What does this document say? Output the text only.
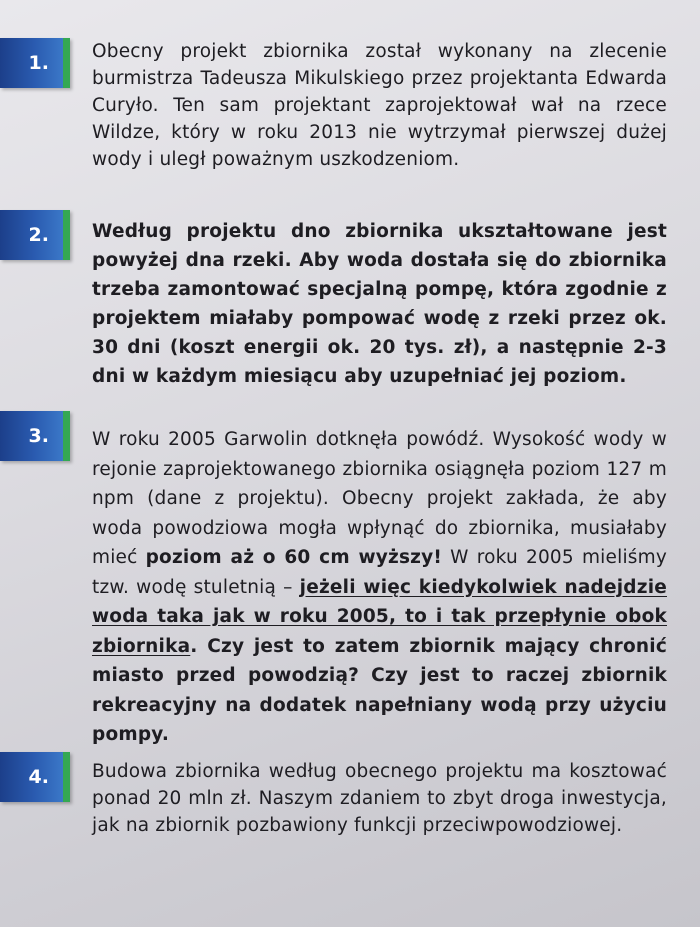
1.

Obecny projekt zbiornika został wykonany na zlecenie burmistrza Tadeusza Mikulskiego przez projektanta Edwarda Curyło. Ten sam projektant zaprojektował wał na rzece Wildze, który w roku 2013 nie wytrzymał pierwszej dużej wody i uległ poważnym uszkodzeniom.

2. Według projektu dno zbiornika ukształtowane jest powyżej dna rzeki. Aby woda dostała się do zbiornika trzeba zamontować specjalną pompę, która zgodnie z projektem miałaby pompować wodę z rzeki przez ok. 30 dni (koszt energii ok. 20 tys. zł), a następnie 2-3 dni w każdym miesiącu aby uzupełniać jej poziom.

3. W roku 2005 Garwolin dotknęła powódź. Wysokość wody w rejonie zaprojektowanego zbiornika osiągnęła poziom 127 m npm (dane z projektu). Obecny projekt zakłada, że aby woda powodziowa mogła wpłynąć do zbiornika, musiałaby mieć poziom aż o 60 cm wyższy! W roku 2005 mieliśmy tzw. wodę stuletnią – jeżeli więc kiedykolwiek nadejdzie woda taka jak w roku 2005, to i tak przepłynie obok zbiornika. Czy jest to zatem zbiornik mający chronić miasto przed powodzią? Czy jest to raczej zbiornik rekreacyjny na dodatek napełniany wodą przy użyciu pompy.

4. Budowa zbiornika według obecnego projektu ma kosztować ponad 20 mln zł. Naszym zdaniem to zbyt droga inwestycja, jak na zbiornik pozbawiony funkcji przeciwpowodziowej.
